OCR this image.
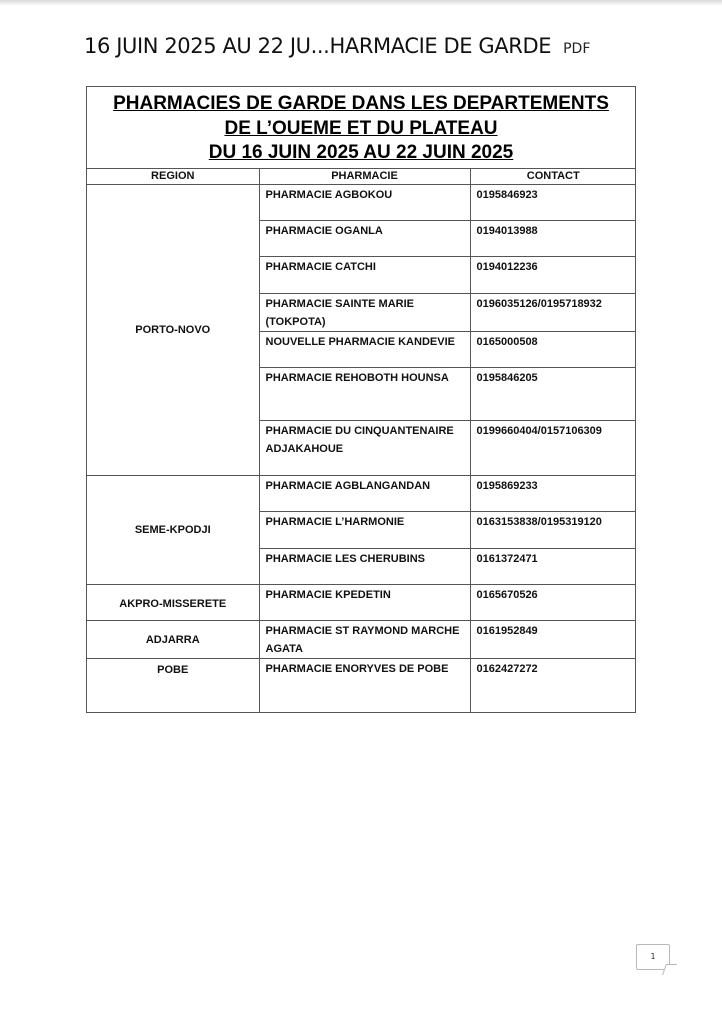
16 JUIN 2025 AU 22 JU...HARMACIE DE GARDE PDF
PHARMACIES DE GARDE DANS LES DEPARTEMENTS
DE L’OUEME ET DU PLATEAU
DU 16 JUIN 2025 AU 22 JUIN 2025
REGION	PHARMACIE	CONTACT
PORTO-NOVO	PHARMACIE AGBOKOU	0195846923
	PHARMACIE OGANLA	0194013988
	PHARMACIE CATCHI	0194012236
	PHARMACIE SAINTE MARIE (TOKPOTA)	0196035126/0195718932
	NOUVELLE PHARMACIE KANDEVIE	0165000508
	PHARMACIE REHOBOTH HOUNSA	0195846205
	PHARMACIE DU CINQUANTENAIRE ADJAKAHOUE	0199660404/0157106309
SEME-KPODJI	PHARMACIE AGBLANGANDAN	0195869233
	PHARMACIE L’HARMONIE	0163153838/0195319120
	PHARMACIE LES CHERUBINS	0161372471
AKPRO-MISSERETE	PHARMACIE KPEDETIN	0165670526
ADJARRA	PHARMACIE ST RAYMOND MARCHE AGATA	0161952849
POBE	PHARMACIE ENORYVES DE POBE	0162427272
1
